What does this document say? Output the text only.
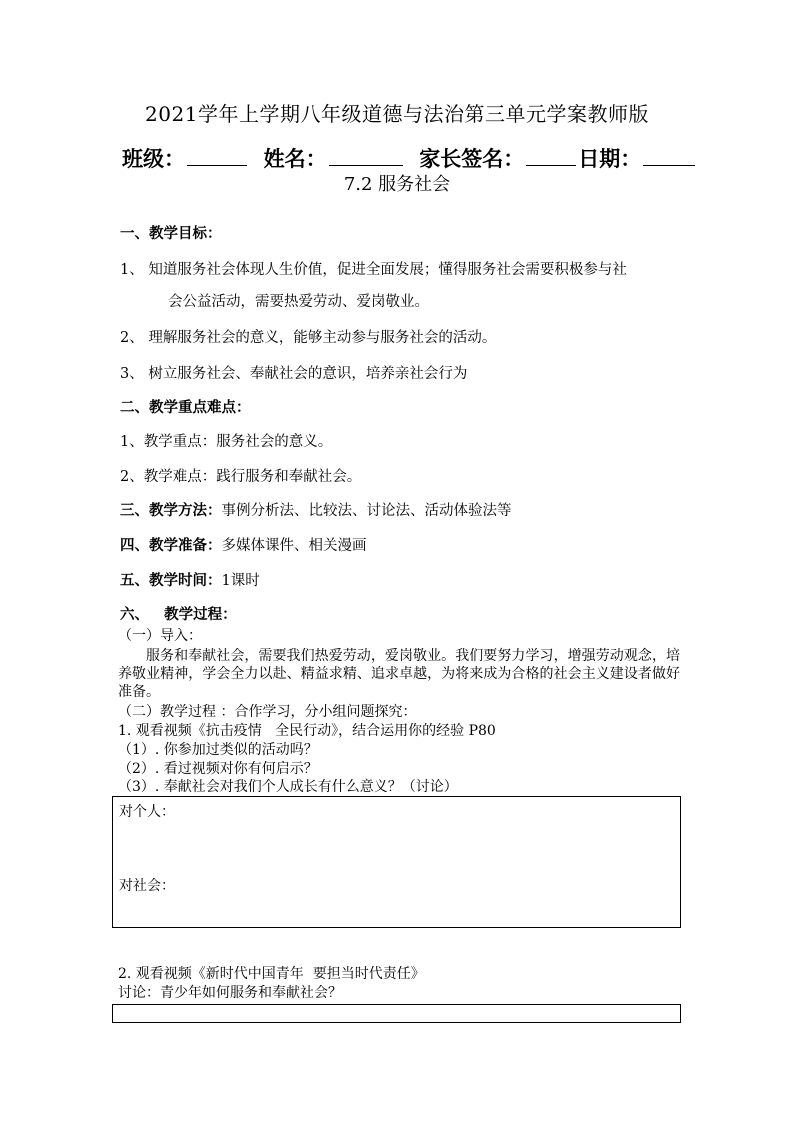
2021学年上学期八年级道德与法治第三单元学案教师版
班级：	姓名：	家长签名：	日期：
7.2 服务社会
一、教学目标：
1、 知道服务社会体现人生价值，促进全面发展；懂得服务社会需要积极参与社
会公益活动，需要热爱劳动、爱岗敬业。
2、 理解服务社会的意义，能够主动参与服务社会的活动。
3、 树立服务社会、奉献社会的意识，培养亲社会行为
二、教学重点难点：
1、教学重点：服务社会的意义。
2、教学难点：践行服务和奉献社会。
三、教学方法：事例分析法、比较法、讨论法、活动体验法等
四、教学准备：多媒体课件、相关漫画
五、教学时间：1课时
六、   教学过程：
（一）导入：
服务和奉献社会，需要我们热爱劳动，爱岗敬业。我们要努力学习，增强劳动观念，培养敬业精神，学会全力以赴、精益求精、追求卓越，为将来成为合格的社会主义建设者做好准备。
（二）教学过程 ：合作学习，分小组问题探究：
1. 观看视频《抗击疫情   全民行动》，结合运用你的经验 P80
（1）. 你参加过类似的活动吗？
（2）. 看过视频对你有何启示？
（3）. 奉献社会对我们个人成长有什么意义？（讨论）
对个人：
对社会：
2. 观看视频《新时代中国青年  要担当时代责任》
讨论：青少年如何服务和奉献社会？
